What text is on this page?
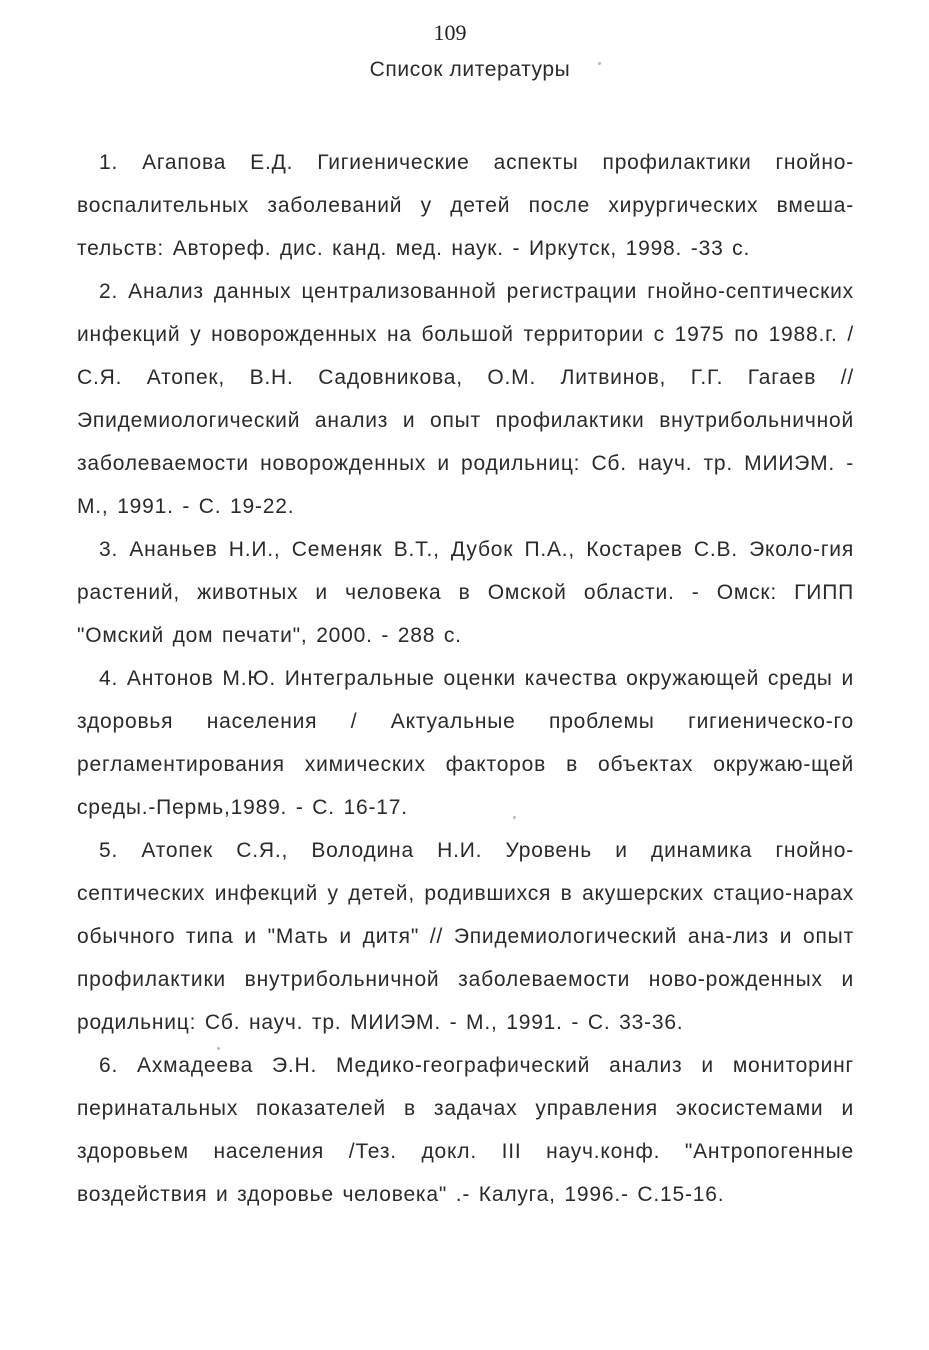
109
Список литературы

1. Агапова Е.Д. Гигиенические аспекты профилактики гнойно-воспалительных заболеваний у детей после хирургических вмеша-тельств: Автореф. дис. канд. мед. наук. - Иркутск, 1998. -33 с.

2. Анализ данных централизованной регистрации гнойно-септических инфекций у новорожденных на большой территории с 1975 по 1988.г. / С.Я. Атопек, В.Н. Садовникова, О.М. Литвинов, Г.Г. Гагаев // Эпидемиологический анализ и опыт профилактики внутрибольничной заболеваемости новорожденных и родильниц: Сб. науч. тр. МИИЭМ. - М., 1991. - С. 19-22.

3. Ананьев Н.И., Семеняк В.Т., Дубок П.А., Костарев С.В. Эколо-гия растений, животных и человека в Омской области. - Омск: ГИПП "Омский дом печати", 2000. - 288 с.

4. Антонов М.Ю. Интегральные оценки качества окружающей среды и здоровья населения / Актуальные проблемы гигиеническо-го регламентирования химических факторов в объектах окружаю-щей среды.-Пермь,1989. - С. 16-17.

5. Атопек С.Я., Володина Н.И. Уровень и динамика гнойно-септических инфекций у детей, родившихся в акушерских стацио-нарах обычного типа и "Мать и дитя" // Эпидемиологический ана-лиз и опыт профилактики внутрибольничной заболеваемости ново-рожденных и родильниц: Сб. науч. тр. МИИЭМ. - М., 1991. - С. 33-36.

6. Ахмадеева Э.Н. Медико-географический анализ и мониторинг перинатальных показателей в задачах управления экосистемами и здоровьем населения /Тез. докл. III науч.конф. "Антропогенные воздействия и здоровье человека" .- Калуга, 1996.- С.15-16.
